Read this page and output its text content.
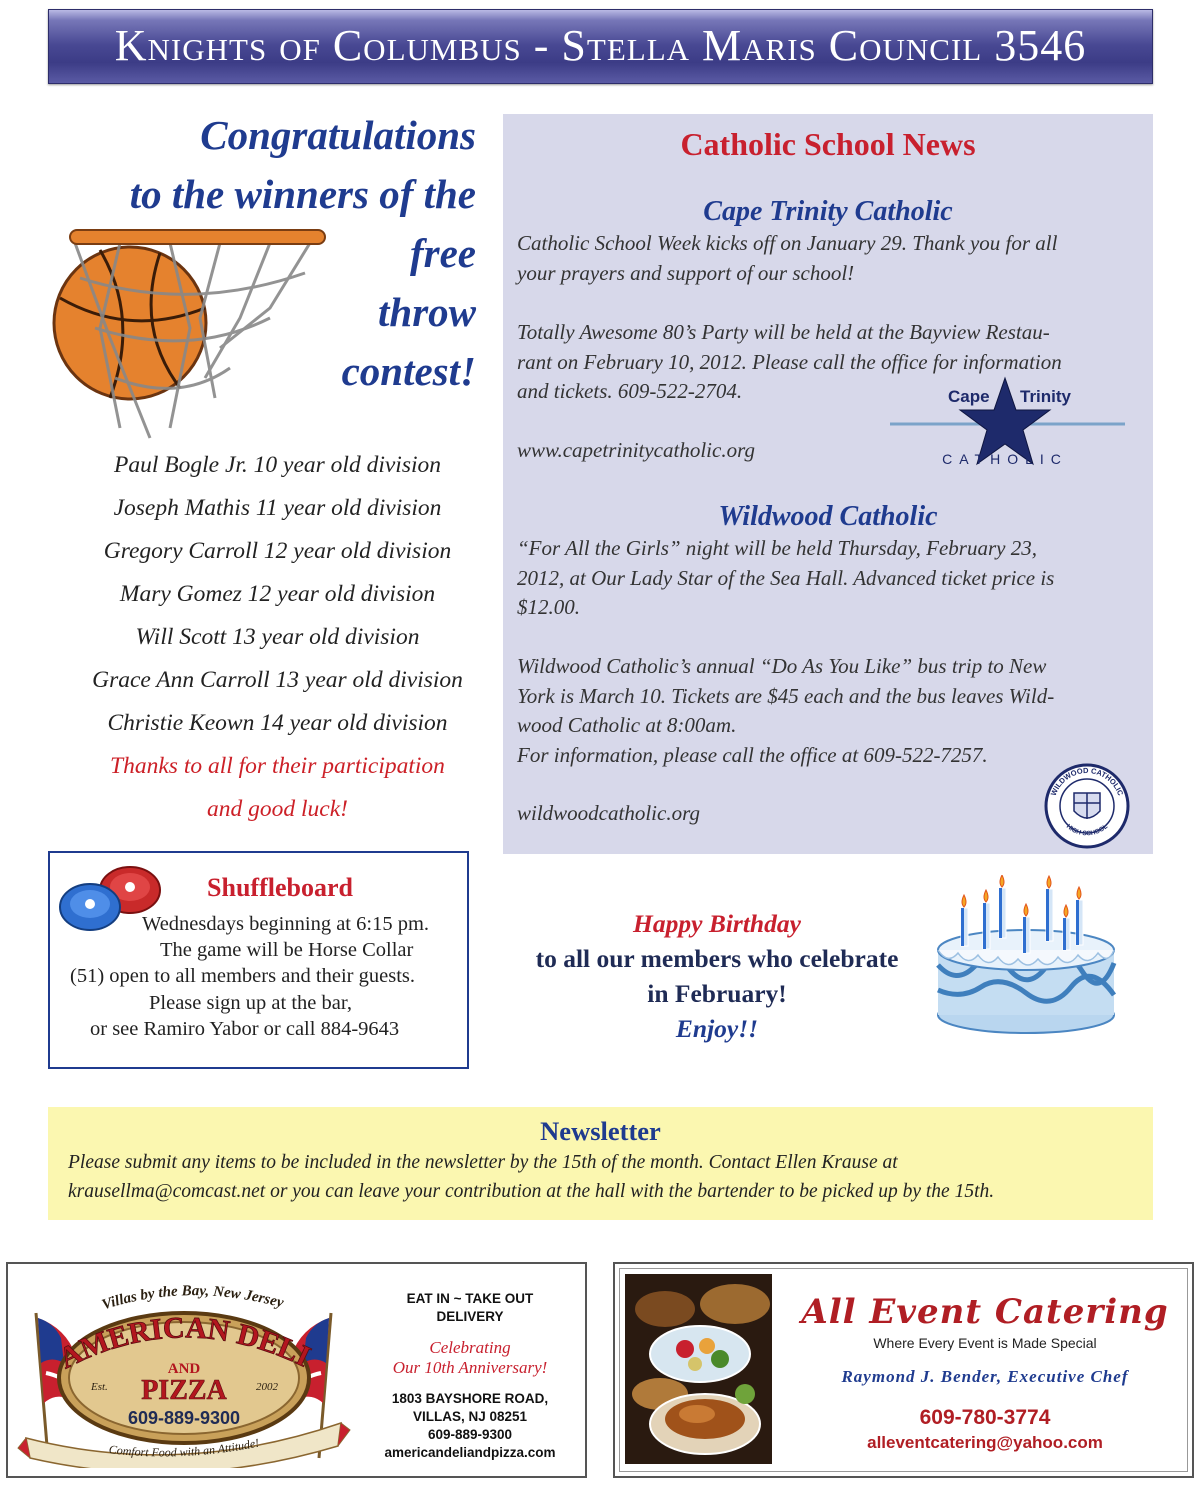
Knights of Columbus - Stella Maris Council 3546
Congratulations
to the winners of the
free
throw
contest!
Paul Bogle Jr. 10 year old division
Joseph Mathis 11 year old division
Gregory Carroll 12 year old division
Mary Gomez 12 year old division
Will Scott 13 year old division
Grace Ann Carroll 13 year old division
Christie Keown 14 year old division
Thanks to all for their participation
and good luck!
Catholic School News
Cape Trinity Catholic
Catholic School Week kicks off on January 29. Thank you for all
your prayers and support of our school!
Totally Awesome 80’s Party will be held at the Bayview Restau-
rant on February 10, 2012. Please call the office for information
and tickets. 609-522-2704.
www.capetrinitycatholic.org
Wildwood Catholic
“For All the Girls” night will be held Thursday, February 23,
2012, at Our Lady Star of the Sea Hall. Advanced ticket price is
$12.00.
Wildwood Catholic’s annual “Do As You Like” bus trip to New
York is March 10. Tickets are $45 each and the bus leaves Wild-
wood Catholic at 8:00am.
For information, please call the office at 609-522-7257.
wildwoodcatholic.org
Cape Trinity
CATHOLIC
WILDWOOD CATHOLIC
HIGH SCHOOL
Shuffleboard
Wednesdays beginning at 6:15 pm.
The game will be Horse Collar
(51) open to all members and their guests.
Please sign up at the bar,
or see Ramiro Yabor or call 884-9643
Happy Birthday
to all our members who celebrate
in February!
Enjoy!!
Newsletter
Please submit any items to be included in the newsletter by the 15th of the month. Contact Ellen Krause at
krausellma@comcast.net or you can leave your contribution at the hall with the bartender to be picked up by the 15th.
Villas by the Bay, New Jersey
AMERICAN DELI
AND
PIZZA
Est.	2002
609-889-9300
Comfort Food with an Attitude!
EAT IN ~ TAKE OUT
DELIVERY
Celebrating
Our 10th Anniversary!
1803 BAYSHORE ROAD,
VILLAS, NJ 08251
609-889-9300
americandeliandpizza.com
All Event Catering
Where Every Event is Made Special
Raymond J. Bender, Executive Chef
609-780-3774
alleventcatering@yahoo.com
